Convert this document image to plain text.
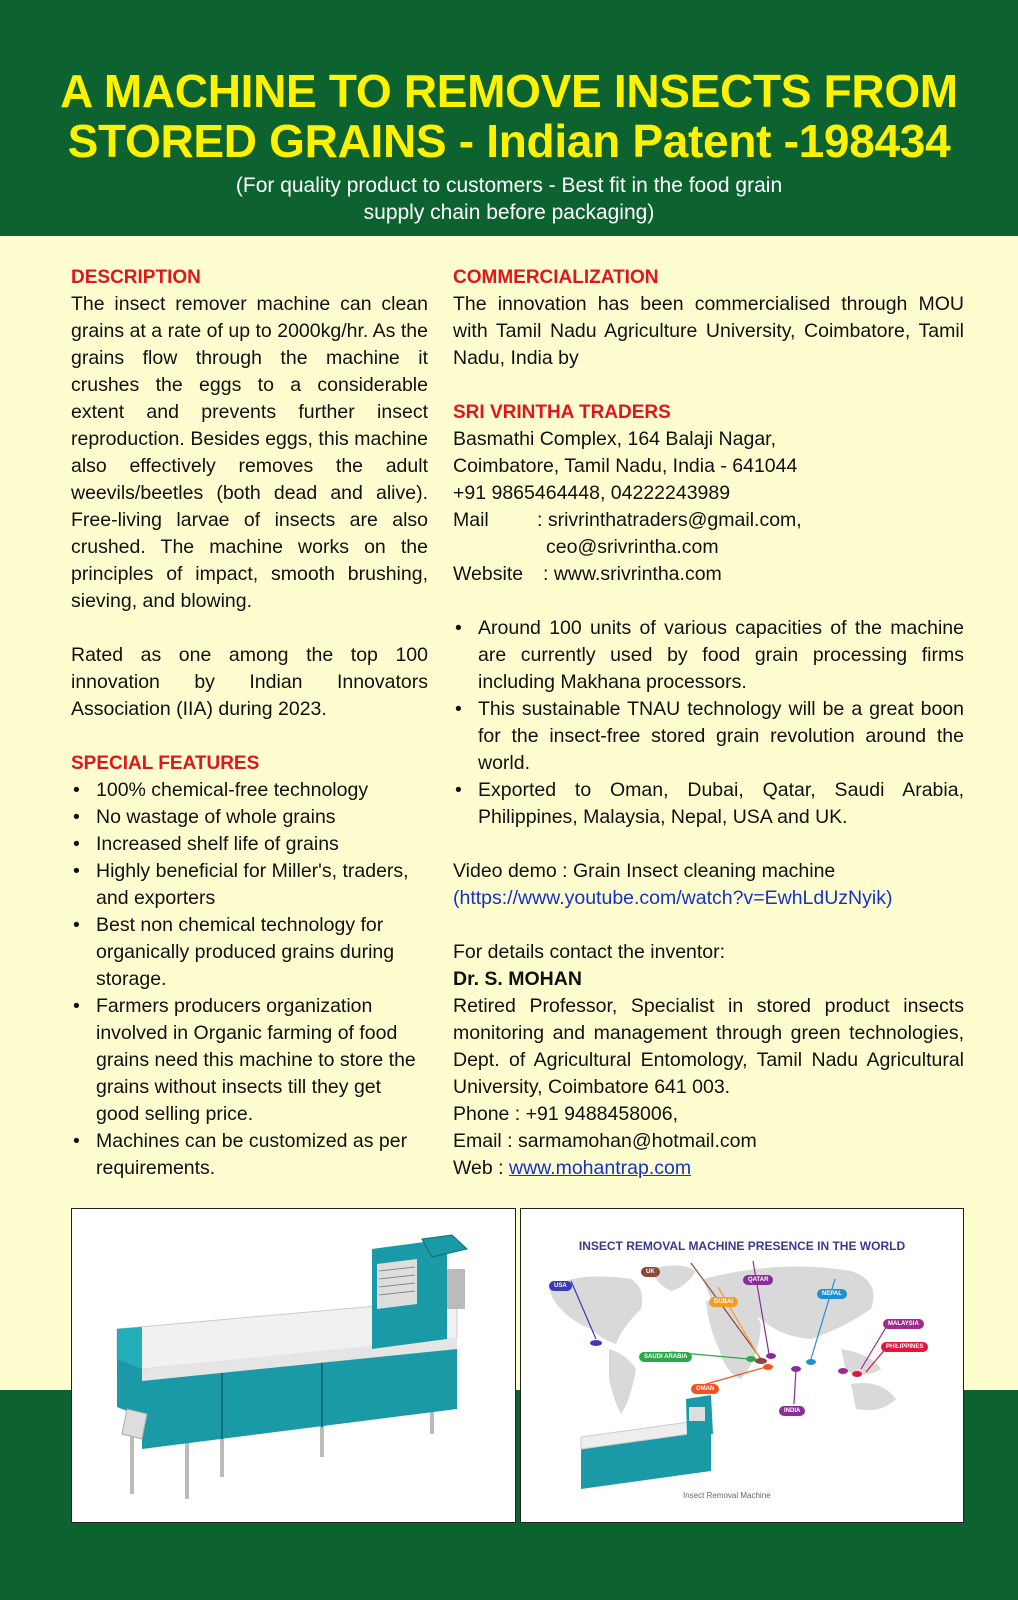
A MACHINE TO REMOVE INSECTS FROM
STORED GRAINS - Indian Patent -198434
(For quality product to customers - Best fit in the food grain
supply chain before packaging)
DESCRIPTION
The insect remover machine can clean grains at a rate of up to 2000kg/hr. As the grains flow through the machine it crushes the eggs to a considerable extent and prevents further insect reproduction. Besides eggs, this machine also effectively removes the adult weevils/beetles (both dead and alive). Free-living larvae of insects are also crushed. The machine works on the principles of impact, smooth brushing, sieving, and blowing.
Rated as one among the top 100 innovation by Indian Innovators Association (IIA) during 2023.
SPECIAL FEATURES
• 100% chemical-free technology
• No wastage of whole grains
• Increased shelf life of grains
• Highly beneficial for Miller's, traders, and exporters
• Best non chemical technology for organically produced grains during storage.
• Farmers producers organization involved in Organic farming of food grains need this machine to store the grains without insects till they get good selling price.
• Machines can be customized as per requirements.
COMMERCIALIZATION
The innovation has been commercialised through MOU with Tamil Nadu Agriculture University, Coimbatore, Tamil Nadu, India by
SRI VRINTHA TRADERS
Basmathi Complex, 164 Balaji Nagar,
Coimbatore, Tamil Nadu, India - 641044
+91 9865464448, 04222243989
Mail	: srivrinthatraders@gmail.com,
ceo@srivrintha.com
Website	: www.srivrintha.com
• Around 100 units of various capacities of the machine are currently used by food grain processing firms including Makhana processors.
• This sustainable TNAU technology will be a great boon for the insect-free stored grain revolution around the world.
• Exported to Oman, Dubai, Qatar, Saudi Arabia, Philippines, Malaysia, Nepal, USA and UK.
Video demo : Grain Insect cleaning machine
(https://www.youtube.com/watch?v=EwhLdUzNyik)
For details contact the inventor:
Dr. S. MOHAN
Retired Professor, Specialist in stored product insects monitoring and management through green technologies, Dept. of Agricultural Entomology, Tamil Nadu Agricultural University, Coimbatore 641 003.
Phone : +91 9488458006,
Email : sarmamohan@hotmail.com
Web : www.mohantrap.com
INSECT REMOVAL MACHINE PRESENCE IN THE WORLD
USA
UK
QATAR
DUBAI
NEPAL
MALAYSIA
PHILIPPINES
SAUDI ARABIA
OMAN
INDIA
Insect Removal Machine
